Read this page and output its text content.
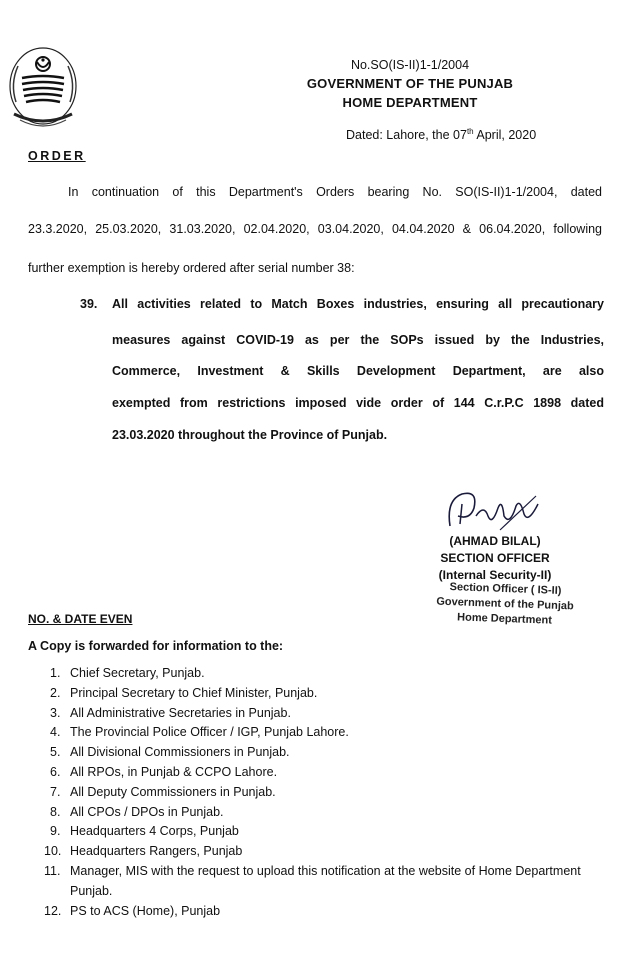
No.SO(IS-II)1-1/2004
GOVERNMENT OF THE PUNJAB
HOME DEPARTMENT
Dated: Lahore, the 07th April, 2020
ORDER
In continuation of this Department's Orders bearing No. SO(IS-II)1-1/2004, dated
23.3.2020, 25.03.2020, 31.03.2020, 02.04.2020, 03.04.2020, 04.04.2020 & 06.04.2020, following
further exemption is hereby ordered after serial number 38:
39. All activities related to Match Boxes industries, ensuring all precautionary
measures against COVID-19 as per the SOPs issued by the Industries,
Commerce, Investment & Skills Development Department, are also
exempted from restrictions imposed vide order of 144 C.r.P.C 1898 dated
23.03.2020 throughout the Province of Punjab.
(AHMAD BILAL)
SECTION OFFICER
(Internal Security-II)
Section Officer ( IS-II)
Government of the Punjab
Home Department
NO. & DATE EVEN
A Copy is forwarded for information to the:
1. Chief Secretary, Punjab.
2. Principal Secretary to Chief Minister, Punjab.
3. All Administrative Secretaries in Punjab.
4. The Provincial Police Officer / IGP, Punjab Lahore.
5. All Divisional Commissioners in Punjab.
6. All RPOs, in Punjab & CCPO Lahore.
7. All Deputy Commissioners in Punjab.
8. All CPOs / DPOs in Punjab.
9. Headquarters 4 Corps, Punjab
10. Headquarters Rangers, Punjab
11. Manager, MIS with the request to upload this notification at the website of Home Department Punjab.
12. PS to ACS (Home), Punjab
